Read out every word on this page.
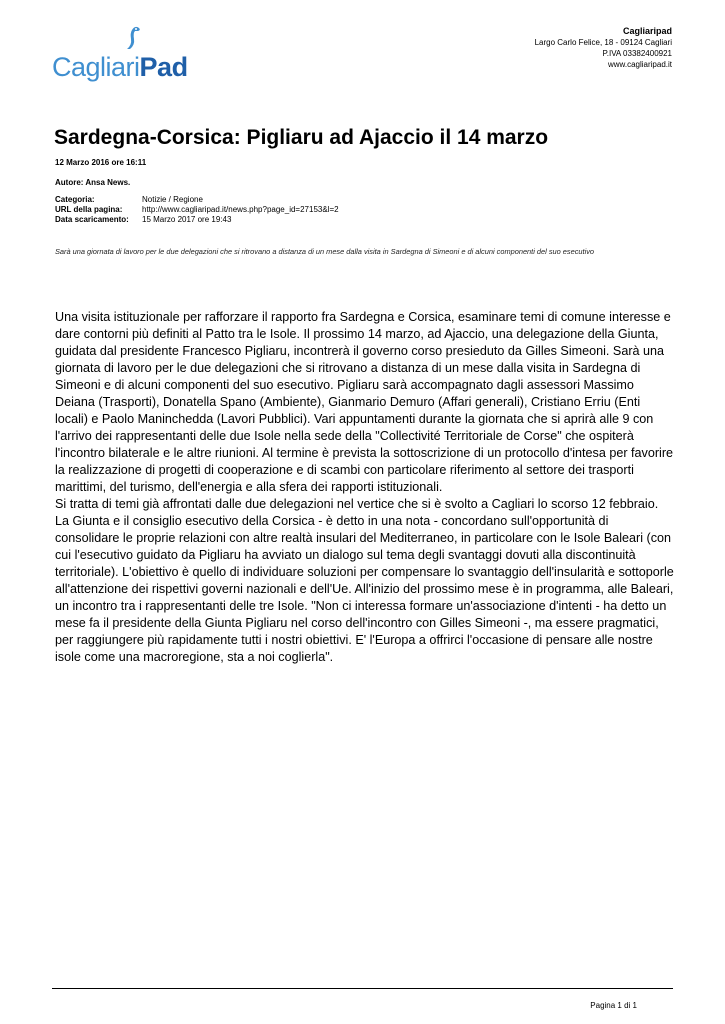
CagliariPad
Cagliaripad
Largo Carlo Felice, 18 - 09124 Cagliari
P.IVA 03382400921
www.cagliaripad.it
Sardegna-Corsica: Pigliaru ad Ajaccio il 14 marzo
12 Marzo 2016 ore 16:11
Autore: Ansa News.
Categoria:	Notizie / Regione
URL della pagina:	http://www.cagliaripad.it/news.php?page_id=27153&l=2
Data scaricamento:	15 Marzo 2017 ore 19:43
Sarà una giornata di lavoro per le due delegazioni che si ritrovano a distanza di un mese dalla visita in Sardegna di Simeoni e di alcuni componenti del suo esecutivo

Una visita istituzionale per rafforzare il rapporto fra Sardegna e Corsica, esaminare temi di comune interesse e dare contorni più definiti al Patto tra le Isole. Il prossimo 14 marzo, ad Ajaccio, una delegazione della Giunta, guidata dal presidente Francesco Pigliaru, incontrerà il governo corso presieduto da Gilles Simeoni. Sarà una giornata di lavoro per le due delegazioni che si ritrovano a distanza di un mese dalla visita in Sardegna di Simeoni e di alcuni componenti del suo esecutivo. Pigliaru sarà accompagnato dagli assessori Massimo Deiana (Trasporti), Donatella Spano (Ambiente), Gianmario Demuro (Affari generali), Cristiano Erriu (Enti locali) e Paolo Maninchedda (Lavori Pubblici). Vari appuntamenti durante la giornata che si aprirà alle 9 con l'arrivo dei rappresentanti delle due Isole nella sede della "Collectivité Territoriale de Corse" che ospiterà l'incontro bilaterale e le altre riunioni. Al termine è prevista la sottoscrizione di un protocollo d'intesa per favorire la realizzazione di progetti di cooperazione e di scambi con particolare riferimento al settore dei trasporti marittimi, del turismo, dell'energia e alla sfera dei rapporti istituzionali.

Si tratta di temi già affrontati dalle due delegazioni nel vertice che si è svolto a Cagliari lo scorso 12 febbraio.

La Giunta e il consiglio esecutivo della Corsica - è detto in una nota - concordano sull'opportunità di consolidare le proprie relazioni con altre realtà insulari del Mediterraneo, in particolare con le Isole Baleari (con cui l'esecutivo guidato da Pigliaru ha avviato un dialogo sul tema degli svantaggi dovuti alla discontinuità territoriale). L'obiettivo è quello di individuare soluzioni per compensare lo svantaggio dell'insularità e sottoporle all'attenzione dei rispettivi governi nazionali e dell'Ue. All'inizio del prossimo mese è in programma, alle Baleari, un incontro tra i rappresentanti delle tre Isole. "Non ci interessa formare un'associazione d'intenti - ha detto un mese fa il presidente della Giunta Pigliaru nel corso dell'incontro con Gilles Simeoni -, ma essere pragmatici, per raggiungere più rapidamente tutti i nostri obiettivi. E' l'Europa a offrirci l'occasione di pensare alle nostre isole come una macroregione, sta a noi coglierla".

Pagina 1 di 1
